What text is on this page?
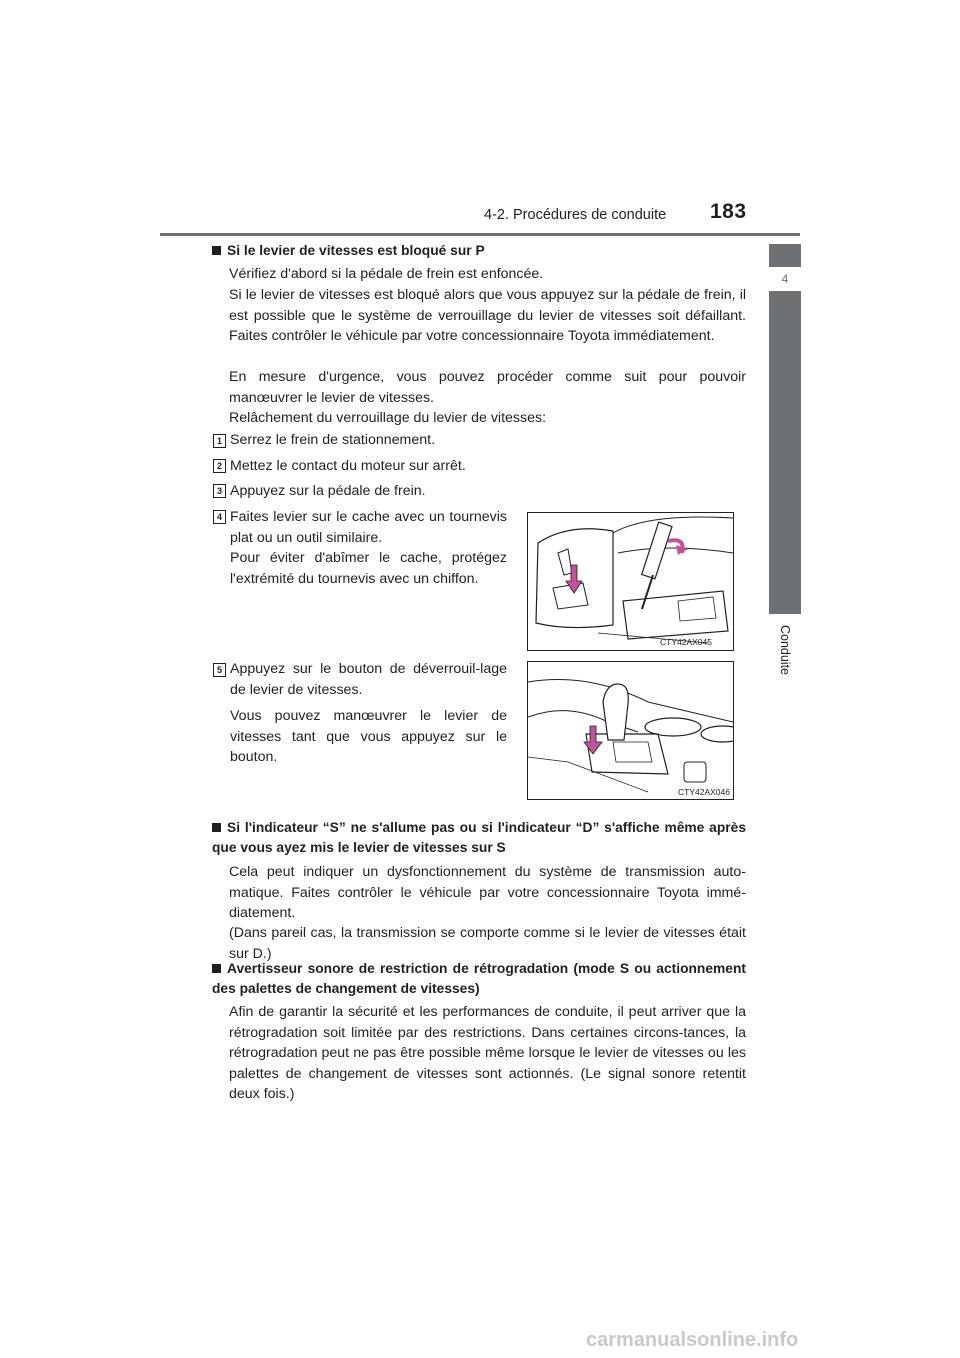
4-2. Procédures de conduite 183
4
Conduite
Si le levier de vitesses est bloqué sur P
Vérifiez d'abord si la pédale de frein est enfoncée.
Si le levier de vitesses est bloqué alors que vous appuyez sur la pédale de frein, il est possible que le système de verrouillage du levier de vitesses soit défaillant. Faites contrôler le véhicule par votre concessionnaire Toyota immédiatement.
En mesure d'urgence, vous pouvez procéder comme suit pour pouvoir manœuvrer le levier de vitesses.
Relâchement du verrouillage du levier de vitesses:
1 Serrez le frein de stationnement.
2 Mettez le contact du moteur sur arrêt.
3 Appuyez sur la pédale de frein.
4 Faites levier sur le cache avec un tournevis plat ou un outil similaire.
Pour éviter d'abîmer le cache, protégez l'extrémité du tournevis avec un chiffon.
CTY42AX045
5 Appuyez sur le bouton de déverrouil-lage de levier de vitesses.
Vous pouvez manœuvrer le levier de vitesses tant que vous appuyez sur le bouton.
CTY42AX046
Si l'indicateur “S” ne s'allume pas ou si l'indicateur “D” s'affiche même après que vous ayez mis le levier de vitesses sur S
Cela peut indiquer un dysfonctionnement du système de transmission auto-matique. Faites contrôler le véhicule par votre concessionnaire Toyota immé-diatement.
(Dans pareil cas, la transmission se comporte comme si le levier de vitesses était sur D.)
Avertisseur sonore de restriction de rétrogradation (mode S ou actionnement des palettes de changement de vitesses)
Afin de garantir la sécurité et les performances de conduite, il peut arriver que la rétrogradation soit limitée par des restrictions. Dans certaines circons-tances, la rétrogradation peut ne pas être possible même lorsque le levier de vitesses ou les palettes de changement de vitesses sont actionnés. (Le signal sonore retentit deux fois.)
carmanualsonline.info
